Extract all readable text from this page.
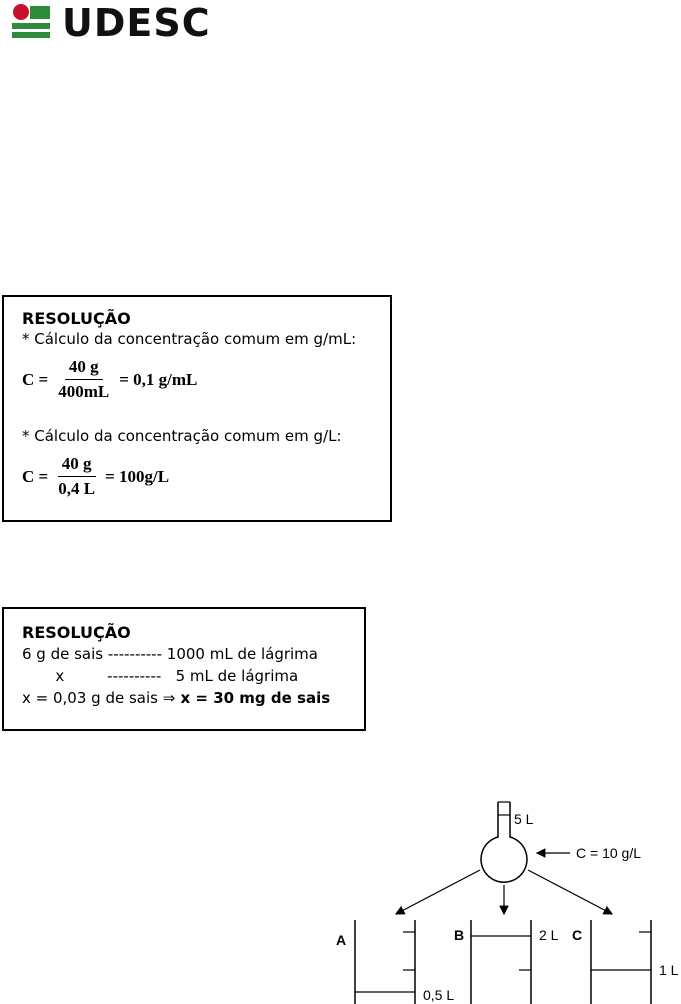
UDESC
RESOLUÇÃO
* Cálculo da concentração comum em g/mL:
$C = \frac{40 g}{400mL} = 0,1$ g/mL
* Cálculo da concentração comum em g/L:
$C = \frac{40 g}{0,4 L} = 100g/L$
RESOLUÇÃO
6 g de sais ---------- 1000 mL de lágrima
x         ----------   5 mL de lágrima
x = 0,03 g de sais ⇒ x = 30 mg de sais
5 L
C = 10 g/L
A
0,5 L
B	2 L C
1 L
